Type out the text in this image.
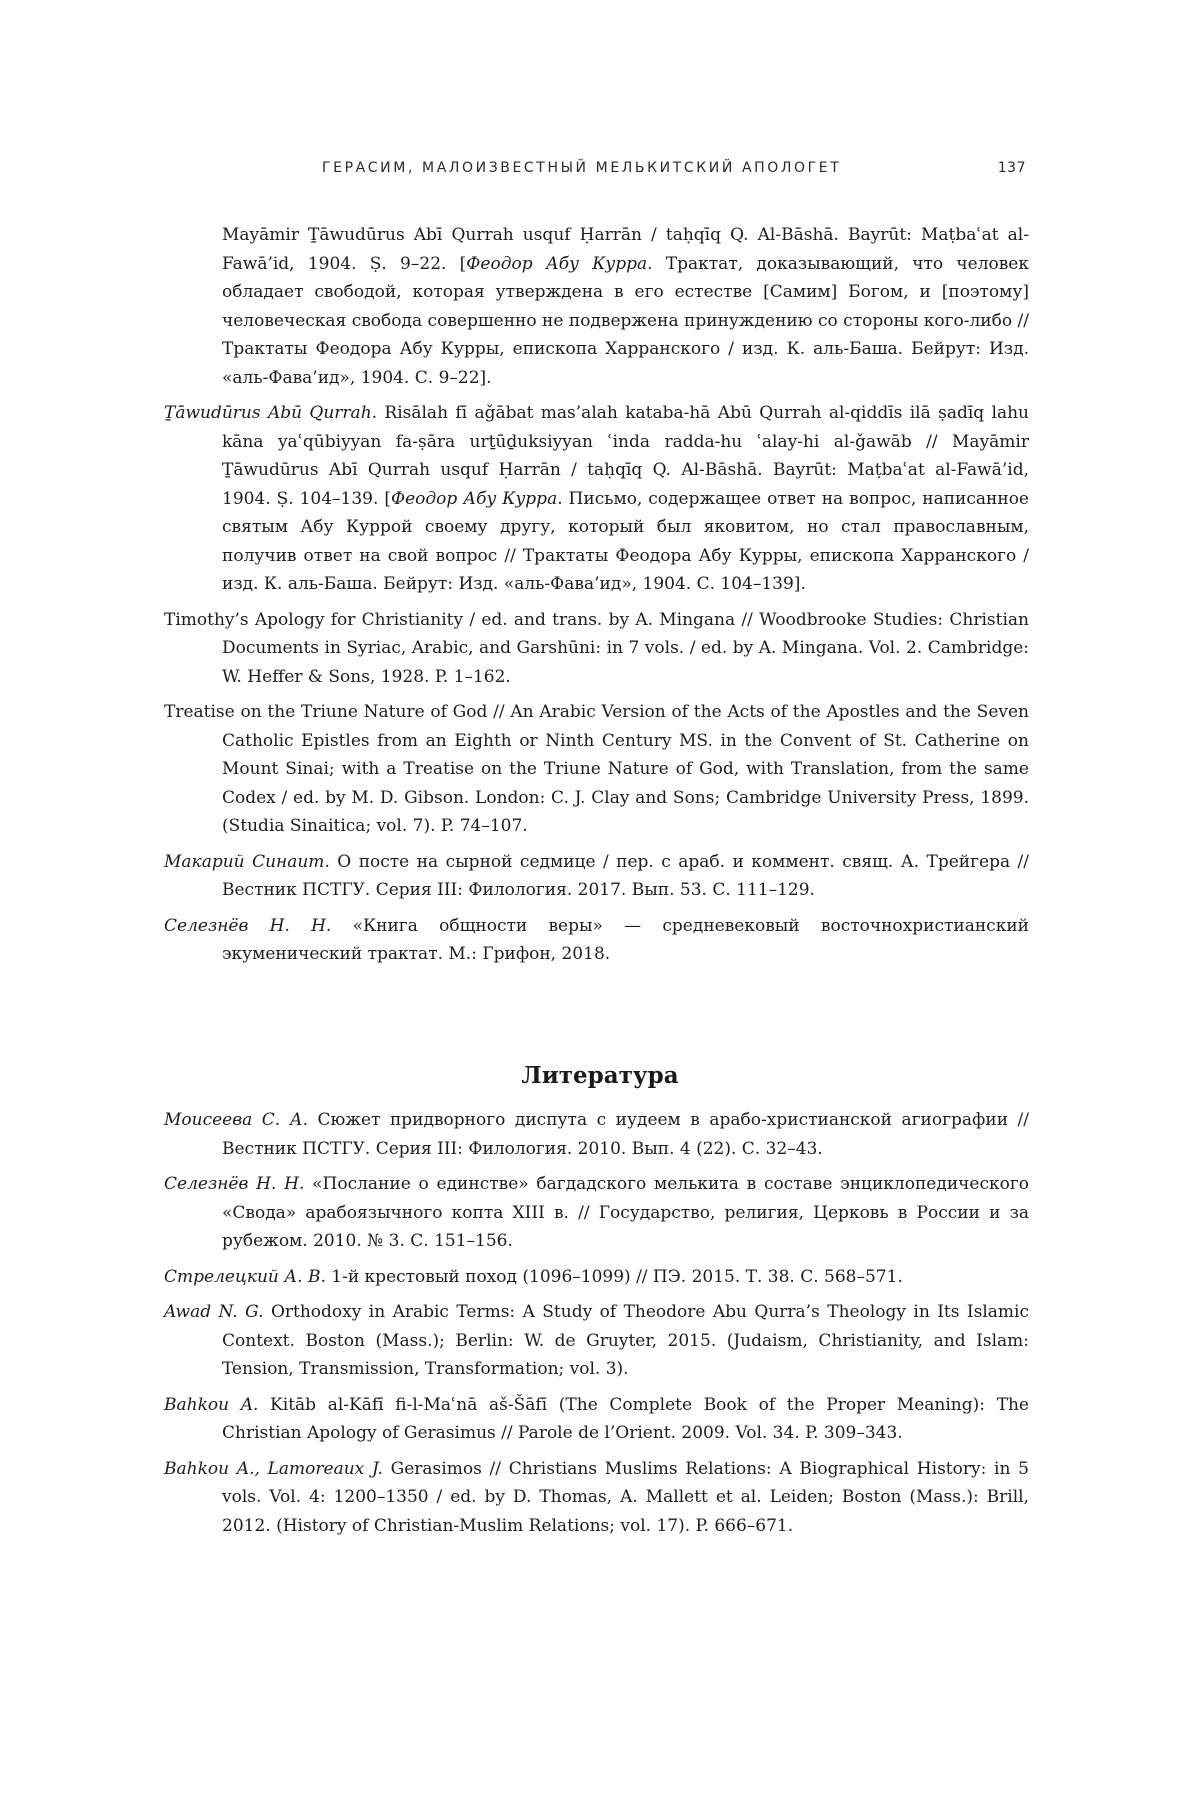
ГЕРАСИМ, МАЛОИЗВЕСТНЫЙ МЕЛЬКИТСКИЙ АПОЛОГЕТ	137

Mayāmir Ṯāwudūrus Abī Qurrah usquf Ḥarrān / taḥqīq Q. Al-Bāshā. Bayrūt: Maṭbaʿat al-Fawā’id, 1904. Ṣ. 9–22. [Феодор Абу Курра. Трактат, доказывающий, что человек обладает свободой, которая утверждена в его естестве [Самим] Богом, и [поэтому] человеческая свобода совершенно не подвержена принуждению со стороны кого-либо // Трактаты Феодора Абу Курры, епископа Харранского / изд. К. аль-Баша. Бейрут: Изд. «аль-Фава’ид», 1904. С. 9–22].

Ṯāwudūrus Abū Qurrah. Risālah fī aǧābat mas’alah kataba-hā Abū Qurrah al-qiddīs ilā ṣadīq lahu kāna yaʿqūbiyyan fa-ṣāra urṯūḏuksiyyan ʿinda radda-hu ʿalay-hi al-ǧawāb // Mayāmir Ṯāwudūrus Abī Qurrah usquf Ḥarrān / taḥqīq Q. Al-Bāshā. Bayrūt: Maṭbaʿat al-Fawā’id, 1904. Ṣ. 104–139. [Феодор Абу Курра. Письмо, содержащее ответ на вопрос, написанное святым Абу Куррой своему другу, который был яковитом, но стал православным, получив ответ на свой вопрос // Трактаты Феодора Абу Курры, епископа Харранского / изд. К. аль-Баша. Бейрут: Изд. «аль-Фава’ид», 1904. С. 104–139].

Timothy’s Apology for Christianity / ed. and trans. by A. Mingana // Woodbrooke Studies: Christian Documents in Syriac, Arabic, and Garshūni: in 7 vols. / ed. by A. Mingana. Vol. 2. Cambridge: W. Heffer & Sons, 1928. P. 1–162.

Treatise on the Triune Nature of God // An Arabic Version of the Acts of the Apostles and the Seven Catholic Epistles from an Eighth or Ninth Century MS. in the Convent of St. Catherine on Mount Sinai; with a Treatise on the Triune Nature of God, with Translation, from the same Codex / ed. by M. D. Gibson. London: C. J. Clay and Sons; Cambridge University Press, 1899. (Studia Sinaitica; vol. 7). P. 74–107.

Макарий Синаит. О посте на сырной седмице / пер. с араб. и коммент. свящ. А. Трейгера // Вестник ПСТГУ. Серия III: Филология. 2017. Вып. 53. С. 111–129.

Селезнёв Н. Н. «Книга общности веры» — средневековый восточнохристианский экуменический трактат. М.: Грифон, 2018.

Литература

Моисеева С. А. Сюжет придворного диспута с иудеем в арабо-христианской агиографии // Вестник ПСТГУ. Серия III: Филология. 2010. Вып. 4 (22). С. 32–43.

Селезнёв Н. Н. «Послание о единстве» багдадского мелькита в составе энциклопедического «Свода» арабоязычного копта XIII в. // Государство, религия, Церковь в России и за рубежом. 2010. № 3. С. 151–156.

Стрелецкий А. В. 1-й крестовый поход (1096–1099) // ПЭ. 2015. Т. 38. С. 568–571.

Awad N. G. Orthodoxy in Arabic Terms: A Study of Theodore Abu Qurra’s Theology in Its Islamic Context. Boston (Mass.); Berlin: W. de Gruyter, 2015. (Judaism, Christianity, and Islam: Tension, Transmission, Transformation; vol. 3).

Bahkou A. Kitāb al-Kāfī fi-l-Maʿnā aš-Šāfī (The Complete Book of the Proper Meaning): The Christian Apology of Gerasimus // Parole de l’Orient. 2009. Vol. 34. P. 309–343.

Bahkou A., Lamoreaux J. Gerasimos // Christians Muslims Relations: A Biographical History: in 5 vols. Vol. 4: 1200–1350 / ed. by D. Thomas, A. Mallett et al. Leiden; Boston (Mass.): Brill, 2012. (History of Christian-Muslim Relations; vol. 17). P. 666–671.
